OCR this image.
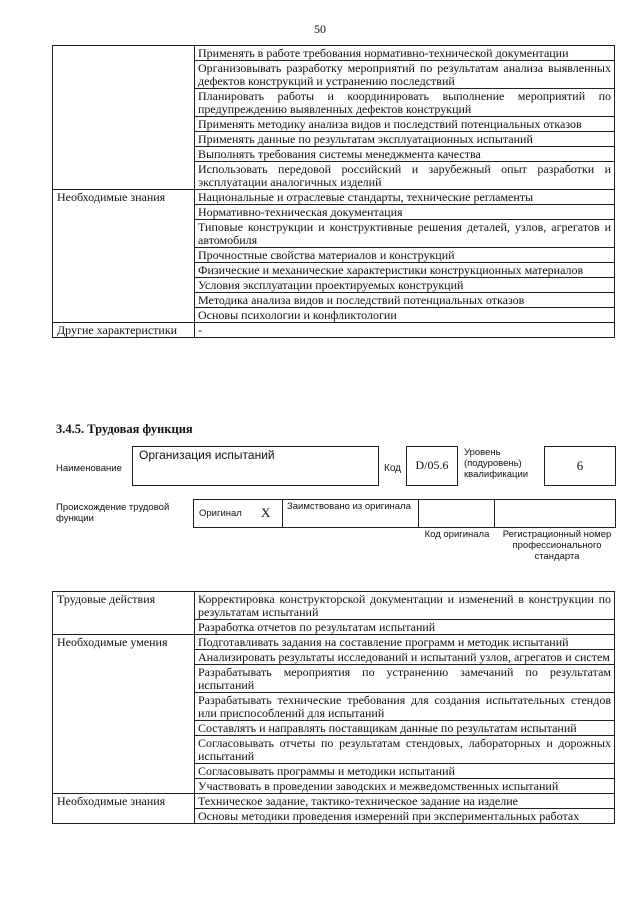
50
	Применять в работе требования нормативно-технической документации
	Организовывать разработку мероприятий по результатам анализа выявленных дефектов конструкций и устранению последствий
	Планировать работы и координировать выполнение мероприятий по предупреждению выявленных дефектов конструкций
	Применять методику анализа видов и последствий потенциальных отказов
	Применять данные по результатам эксплуатационных испытаний
	Выполнять требования системы менеджмента качества
	Использовать передовой российский и зарубежный опыт разработки и эксплуатации аналогичных изделий
Необходимые знания	Национальные и отраслевые стандарты, технические регламенты
	Нормативно-техническая документация
	Типовые конструкции и конструктивные решения деталей, узлов, агрегатов и автомобиля
	Прочностные свойства материалов и конструкций
	Физические и механические характеристики конструкционных материалов
	Условия эксплуатации проектируемых конструкций
	Методика анализа видов и последствий потенциальных отказов
	Основы психологии и конфликтологии
Другие характеристики	-
3.4.5. Трудовая функция
Наименование
Организация испытаний
Код	D/05.6
Уровень (подуровень) квалификации
6
Происхождение трудовой функции	Оригинал X Заимствовано из оригинала
Код оригинала	Регистрационный номер профессионального стандарта
Трудовые действия	Корректировка конструкторской документации и изменений в конструкции по результатам испытаний
	Разработка отчетов по результатам испытаний
Необходимые умения	Подготавливать задания на составление программ и методик испытаний
	Анализировать результаты исследований и испытаний узлов, агрегатов и систем
	Разрабатывать мероприятия по устранению замечаний по результатам испытаний
	Разрабатывать технические требования для создания испытательных стендов или приспособлений для испытаний
	Составлять и направлять поставщикам данные по результатам испытаний
	Согласовывать отчеты по результатам стендовых, лабораторных и дорожных испытаний
	Согласовывать программы и методики испытаний
	Участвовать в проведении заводских и межведомственных испытаний
Необходимые знания	Техническое задание, тактико-техническое задание на изделие
	Основы методики проведения измерений при экспериментальных работах
